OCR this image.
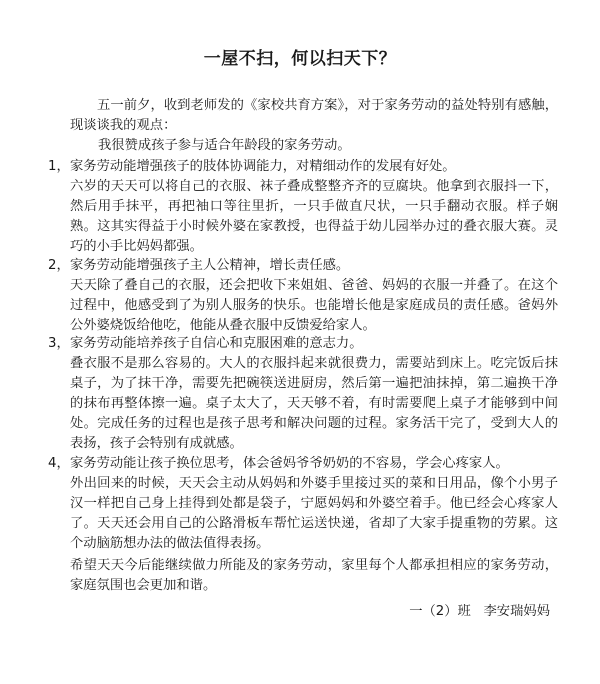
一屋不扫，何以扫天下？

五一前夕，收到老师发的《家校共育方案》，对于家务劳动的益处特别有感触，现谈谈我的观点：

我很赞成孩子参与适合年龄段的家务劳动。

1， 家务劳动能增强孩子的肢体协调能力，对精细动作的发展有好处。
六岁的天天可以将自己的衣服、袜子叠成整整齐齐的豆腐块。他拿到衣服抖一下，然后用手抹平，再把袖口等往里折，一只手做直尺状，一只手翻动衣服。样子娴熟。这其实得益于小时候外婆在家教授，也得益于幼儿园举办过的叠衣服大赛。灵巧的小手比妈妈都强。
2， 家务劳动能增强孩子主人公精神，增长责任感。
天天除了叠自己的衣服，还会把收下来姐姐、爸爸、妈妈的衣服一并叠了。在这个过程中，他感受到了为别人服务的快乐。也能增长他是家庭成员的责任感。爸妈外公外婆烧饭给他吃，他能从叠衣服中反馈爱给家人。
3， 家务劳动能培养孩子自信心和克服困难的意志力。
叠衣服不是那么容易的。大人的衣服抖起来就很费力，需要站到床上。吃完饭后抹桌子，为了抹干净，需要先把碗筷送进厨房，然后第一遍把油抹掉，第二遍换干净的抹布再整体擦一遍。桌子太大了，天天够不着，有时需要爬上桌子才能够到中间处。完成任务的过程也是孩子思考和解决问题的过程。家务活干完了，受到大人的表扬，孩子会特别有成就感。
4， 家务劳动能让孩子换位思考，体会爸妈爷爷奶奶的不容易，学会心疼家人。
外出回来的时候，天天会主动从妈妈和外婆手里接过买的菜和日用品，像个小男子汉一样把自己身上挂得到处都是袋子，宁愿妈妈和外婆空着手。他已经会心疼家人了。天天还会用自己的公路滑板车帮忙运送快递，省却了大家手提重物的劳累。这个动脑筋想办法的做法值得表扬。

希望天天今后能继续做力所能及的家务劳动，家里每个人都承担相应的家务劳动，家庭氛围也会更加和谐。

一（2）班   李安瑞妈妈
